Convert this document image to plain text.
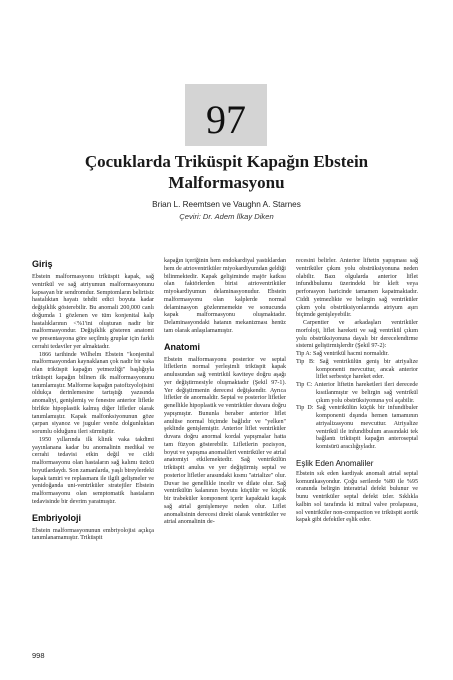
97
Çocuklarda Triküspit Kapağın Ebstein
Malformasyonu
Brian L. Reemtsen ve Vaughn A. Starnes
Çeviri: Dr. Adem İlkay Diken
Giriş

Ebstein malformasyonu triküspit kapak, sağ ventrikül ve sağ atriyumun malformasyonunu kapsayan bir sendromdur. Semptomların belirtisiz hastalıktan hayatı tehdit edici boyuta kadar değişiklik gösterebilir. Bu anomali 200,000 canlı doğumda 1 gözlenen ve tüm konjenital kalp hastalıklarının <%1'ini oluşturan nadir bir malformasyondur. Değişiklik gösteren anatomi ve presentasyona göre seçilmiş gruplar için farklı cerrahi tedaviler yer almaktadır.

1866 tarihinde Wilhelm Ebstein "konjenital malformasyondan kaynaklanan çok nadir bir vaka olan triküspit kapağın yetmezliği" başlığıyla triküspit kapağın bilinen ilk malformasyonunu tanımlamıştır. Malforme kapağın patofizyolojisini oldukça derinlemesine tartıştığı yazısında anomaliyi, genişlemiş ve fenestre anterior lifletle birlikte hipoplastik kalmış diğer lifletler olarak tanımlamıştır. Kapak malfonksiyonunun göze çarpan siyanoz ve juguler venöz dolgunluktan sorumlu olduğunu ileri sürmüştür.

1950 yıllarında ilk klinik vaka takdimi yayınlanana kadar bu anomalinin medikal ve cerrahi tedavisi etkin değil ve cildi malformasyonu olan hastaların sağ kalımı üzücü boyutlardaydı. Son zamanlarda, yaşlı bireylerdeki kapak tamiri ve replasmanı ile ilgili gelişmeler ve yenidoğanda uni-ventriküler stratejiler Ebstein malformasyonu olan semptomatik hastaların tedavisinde bir devrim yaratmıştır.

Embriyoloji

Ebstein malformasyonunun embriyolojisi açıkça tanımlanamamıştır. Triküspit

kapağın içeriğinin hem endokardiyal yastıklardan hem de atrioventriküler miyokardiyumdan geldiği bilinmektedir. Kapak gelişiminde majör katkısı olan faktörlerden birisi atrioventriküler miyokardiyumun delaminasyonudur. Ebstein malformasyonu olan kalplerde normal delaminasyon gözlenmemekte ve sonucunda kapak malformasyonu oluşmaktadır. Delaminasyondaki hatanın mekanizması henüz tam olarak anlaşılamamıştır.

Anatomi

Ebstein malformasyonu posterior ve septal lifletlerin normal yerleşimli triküspit kapak anulusundan sağ ventrikül kaviteye doğru aşağı yer değiştirmesiyle oluşmaktadır (Şekil 97-1). Yer değiştirmenin derecesi değişkendir. Ayrıca lifletler de anormaldir. Septal ve posterior lifletler genellikle hipoplastik ve ventriküler duvara doğru yapışmıştır. Bununla beraber anterior liflet anulüse normal biçimde bağlıdır ve "yelken" şeklinde genişlemiştir. Anterior liflet ventriküler duvara doğru anormal kordal yapışmalar hatta tam füzyon gösterebilir. Lifletlerin pozisyon, boyut ve yapışma anomalileri ventriküler ve atrial anatomiyi etkilemektedir. Sağ ventrikülün triküspit anulus ve yer değiştirmiş septal ve posterior lifletler arasındaki kısmı "atrialize" olur. Duvar ise genellikle incelir ve dilate olur. Sağ ventrikülün kalanının boyutu küçülür ve küçük bir trabeküler komponent içerir kapaktaki kaçak sağ atrial genişlemeye neden olur. Liflet anomalisinin derecesi direkt olarak ventriküler ve atrial anomalinin de-

recesini belirler. Anterior liftetin yapışması sağ ventriküler çıkım yolu obstrüksiyonuna neden olabilir. Bazı olgularda anterior liflet infundibulumu üzerindeki bir kleft veya perforasyon haricinde tamamen kapatmaktadır. Ciddi yetmezlikte ve belirgin sağ ventriküler çıkım yolu obstrüksiyonlarında atriyum aşırı biçimde genişleyebilir.

Carpentier ve arkadaşları ventriküler morfoloji, liflet hareketi ve sağ ventrikül çıkım yolu obstrüksiyonuna dayalı bir derecelendirme sistemi geliştirmişlerdir (Şekil 97-2):

Tip A: Sağ ventrikül hacmi normaldir.
Tip B: Sağ ventrikülün geniş bir atriyalize komponenti mevcuttur, ancak anterior liflet serbestçe hareket eder.
Tip C: Anterior liftetin hareketleri ileri derecede kısıtlanmıştır ve belirgin sağ ventrikül çıkım yolu obstrüksiyonuna yol açabilir.
Tip D: Sağ ventrikülün küçük bir infundibuler komponenti dışında hemen tamamının atriyalizasyonu mevcuttur. Atriyalize ventrikül ile infundibulum arasındaki tek bağlantı triküspit kapağın anteroseptal komisürü aracılığıyladır.
Eşlik Eden Anomaliler

Ebstein sık eden kardiyak anomali atrial septal komunikasyondur. Çoğu serilerde %80 ile %95 oranında belirgin interatrial defekt bulunur ve bunu ventriküler septal defekt izler. Sıklıkla kalbin sol tarafında ki mitral valve prolapsusu, sol ventriküler non-compaction ve triküspit aortik kapak gibi defektler eşlik eder.

998
